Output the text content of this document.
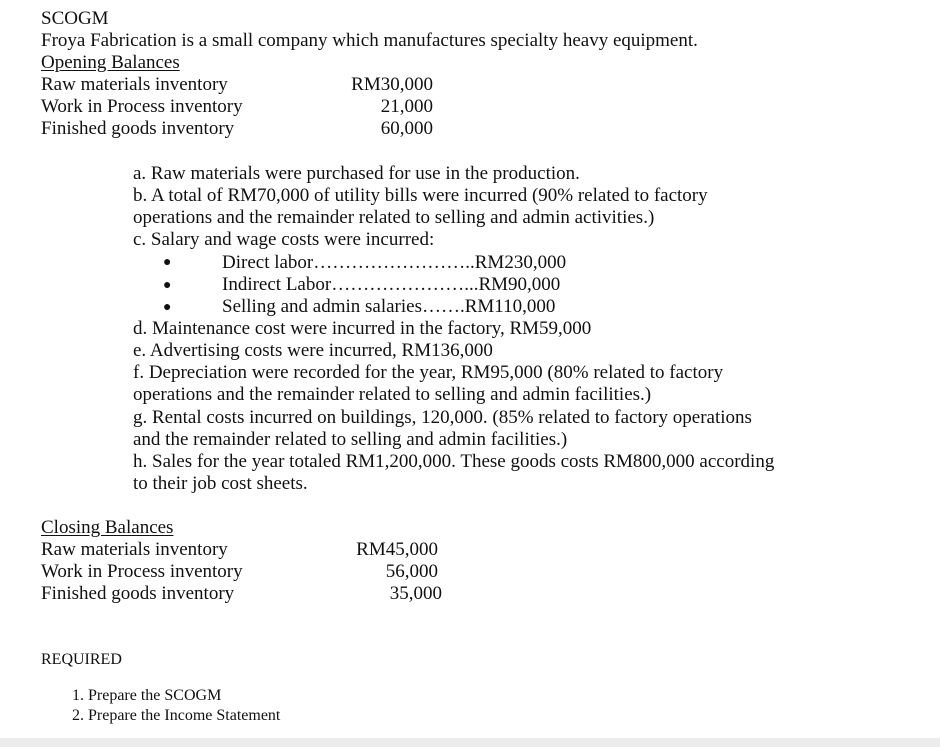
SCOGM
Froya Fabrication is a small company which manufactures specialty heavy equipment.
Opening Balances
Raw materials inventory	RM30,000
Work in Process inventory	21,000
Finished goods inventory	60,000
a. Raw materials were purchased for use in the production.
b. A total of RM70,000 of utility bills were incurred (90% related to factory
operations and the remainder related to selling and admin activities.)
c. Salary and wage costs were incurred:
●	Direct labor……………………..RM230,000
●	Indirect Labor…………………...RM90,000
●	Selling and admin salaries…….RM110,000
d. Maintenance cost were incurred in the factory, RM59,000
e. Advertising costs were incurred, RM136,000
f. Depreciation were recorded for the year, RM95,000 (80% related to factory
operations and the remainder related to selling and admin facilities.)
g. Rental costs incurred on buildings, 120,000. (85% related to factory operations
and the remainder related to selling and admin facilities.)
h. Sales for the year totaled RM1,200,000. These goods costs RM800,000 according
to their job cost sheets.
Closing Balances
Raw materials inventory	RM45,000
Work in Process inventory	56,000
Finished goods inventory	35,000
REQUIRED
1. Prepare the SCOGM
2. Prepare the Income Statement
